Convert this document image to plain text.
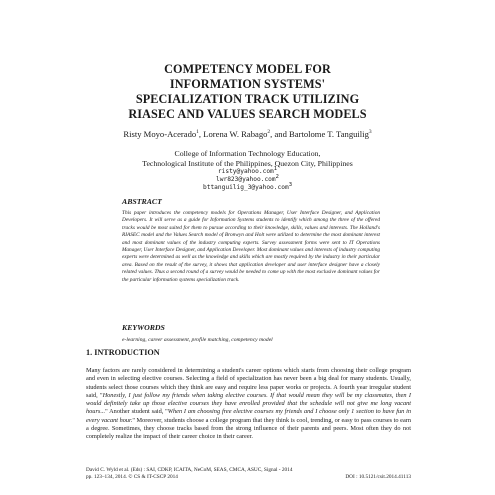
COMPETENCY MODEL FOR
INFORMATION SYSTEMS'
SPECIALIZATION TRACK UTILIZING
RIASEC AND VALUES SEARCH MODELS
Risty Moyo-Acerado$^1$, Lorena W. Rabago$^2$, and Bartolome T. Tanguilig$^3$
College of Information Technology Education,
Technological Institute of the Philippines, Quezon City, Philippines
risty@yahoo.com$^1$
lwr823@yahoo.com$^2$
bttanguilig_3@yahoo.com$^3$
ABSTRACT
This paper introduces the competency models for Operations Manager, User Interface Designer, and Application Developers. It will serve as a guide for Information Systems students to identify which among the three of the offered tracks would be most suited for them to pursue according to their knowledge, skills, values and interests. The Holland's RIASEC model and the Values Search model of Bronwyn and Holt were utilized to determine the most dominant interest and most dominant values of the industry computing experts. Survey assessment forms were sent to IT Operations Manager, User Interface Designer, and Application Developer. Most dominant values and interests of industry computing experts were determined as well as the knowledge and skills which are mostly required by the industry in their particular area. Based on the result of the survey, it shows that application developer and user interface designer have a closely related values. Thus a second round of a survey would be needed to come up with the most exclusive dominant values for the particular information systems specialization track.
KEYWORDS
e-learning, career assessment, profile matching, competency model
1. INTRODUCTION
Many factors are rarely considered in determining a student's career options which starts from choosing their college program and even in selecting elective courses. Selecting a field of specialization has never been a big deal for many students. Usually, students select those courses which they think are easy and require less paper works or projects. A fourth year irregular student said, "Honestly, I just follow my friends when taking elective courses. If that would mean they will be my classmates, then I would definitely take up those elective courses they have enrolled provided that the schedule will not give me long vacant hours..." Another student said, "When I am choosing free elective courses my friends and I choose only 1 section to have fun in every vacant hour." Moreover, students choose a college program that they think is cool, trending, or easy to pass courses to earn a degree. Sometimes, they choose tracks based from the strong influence of their parents and peers. Most often they do not completely realize the impact of their career choice in their career.
David C. Wyld et al. (Eds) : SAI, CDKP, ICAITA, NeCoM, SEAS, CMCA, ASUC, Signal - 2014
pp. 123–134, 2014. © CS & IT-CSCP 2014	DOI : 10.5121/csit.2014.41113
